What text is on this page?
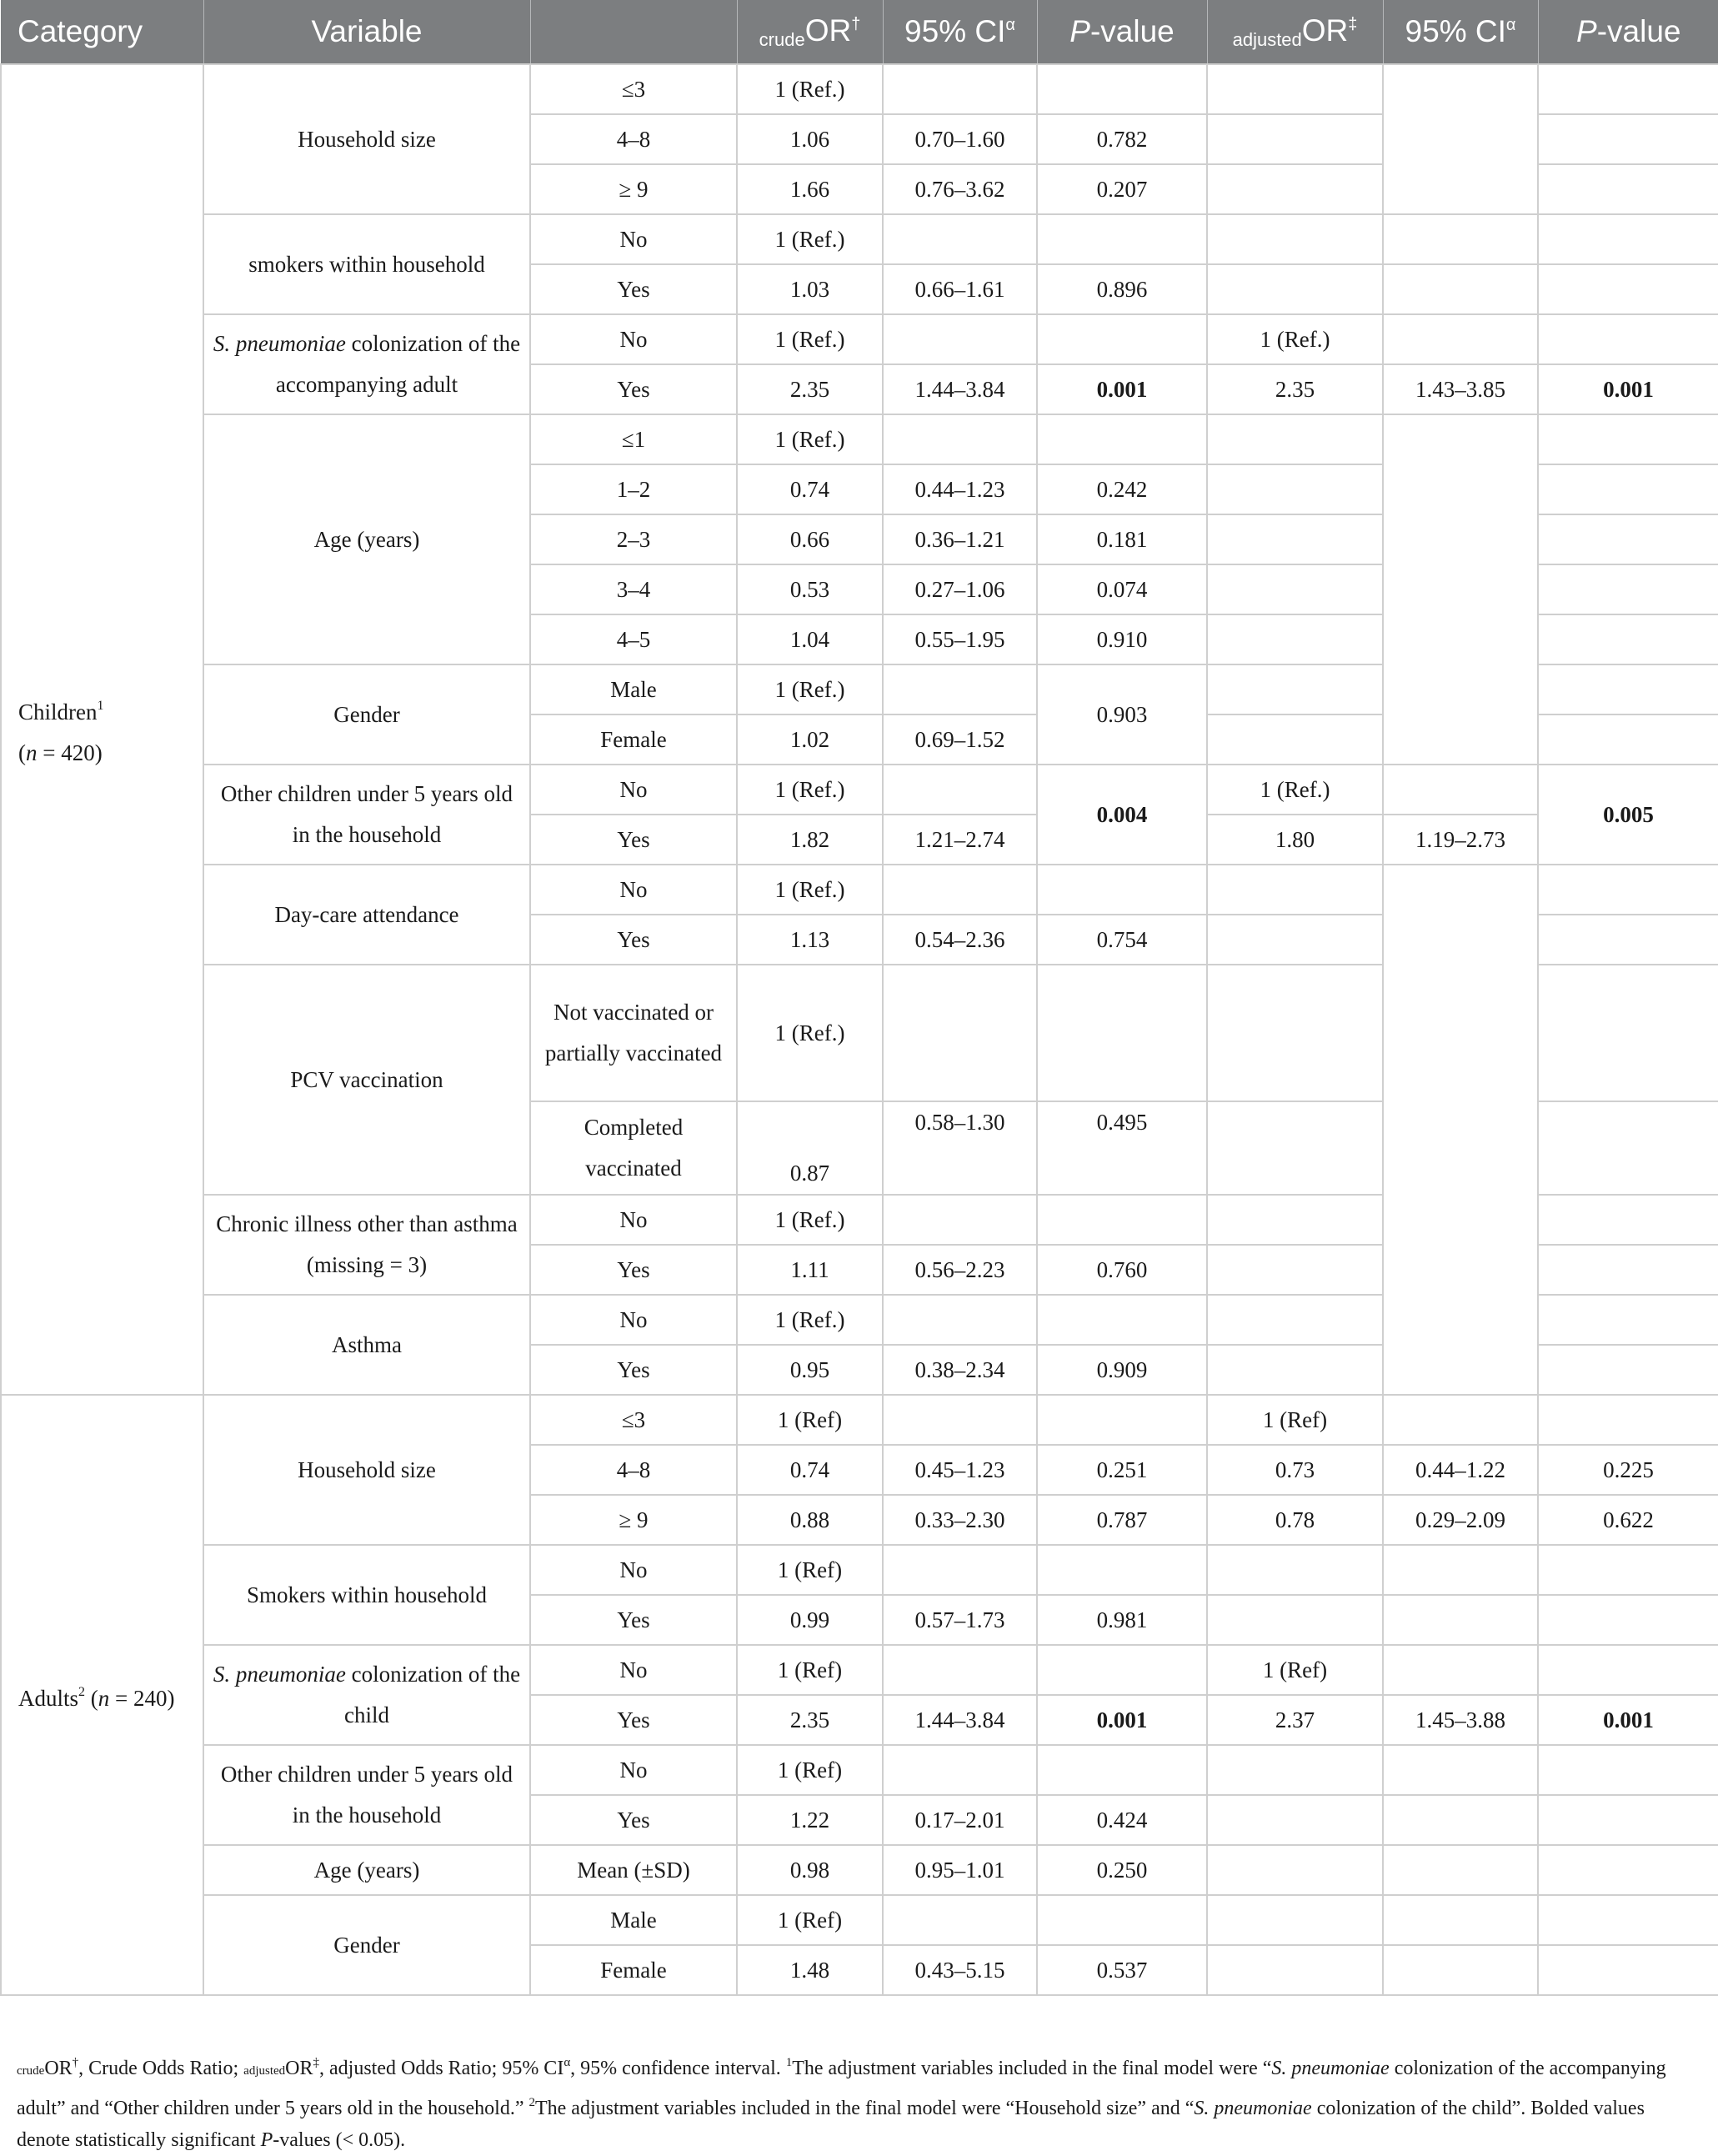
Category	Variable		$_{crude}$OR†	95% $CI^\alpha$	P-value	$_{adjusted}$OR‡	95% $CI^\alpha$	P-value
Children$^1$
(n = 420)	Household size	≤3	1 (Ref.)					
		4–8	1.06	0.70–1.60	0.782			
		≥ 9	1.66	0.76–3.62	0.207			
	smokers within household	No	1 (Ref.)					
		Yes	1.03	0.66–1.61	0.896			
	S. pneumoniae colonization of the accompanying adult	No	1 (Ref.)			1 (Ref.)		
		Yes	2.35	1.44–3.84	0.001	2.35	1.43–3.85	0.001
	Age (years)	≤1	1 (Ref.)					
		1–2	0.74	0.44–1.23	0.242			
		2–3	0.66	0.36–1.21	0.181			
		3–4	0.53	0.27–1.06	0.074			
		4–5	1.04	0.55–1.95	0.910			
	Gender	Male	1 (Ref.)		0.903			
		Female	1.02	0.69–1.52				
	Other children under 5 years old in the household	No	1 (Ref.)		0.004	1 (Ref.)		0.005
		Yes	1.82	1.21–2.74		1.80	1.19–2.73	
	Day-care attendance	No	1 (Ref.)					
		Yes	1.13	0.54–2.36	0.754			
	PCV vaccination	Not vaccinated or partially vaccinated	1 (Ref.)					
		Completed vaccinated	0.87	0.58–1.30	0.495			
	Chronic illness other than asthma (missing = 3)	No	1 (Ref.)					
		Yes	1.11	0.56–2.23	0.760			
	Asthma	No	1 (Ref.)					
		Yes	0.95	0.38–2.34	0.909			
Adults$^2$ (n = 240)	Household size	≤3	1 (Ref)			1 (Ref)		
		4–8	0.74	0.45–1.23	0.251	0.73	0.44–1.22	0.225
		≥ 9	0.88	0.33–2.30	0.787	0.78	0.29–2.09	0.622
	Smokers within household	No	1 (Ref)					
		Yes	0.99	0.57–1.73	0.981			
	S. pneumoniae colonization of the child	No	1 (Ref)			1 (Ref)		
		Yes	2.35	1.44–3.84	0.001	2.37	1.45–3.88	0.001
	Other children under 5 years old in the household	No	1 (Ref)					
		Yes	1.22	0.17–2.01	0.424			
	Age (years)	Mean (±SD)	0.98	0.95–1.01	0.250			
	Gender	Male	1 (Ref)					
		Female	1.48	0.43–5.15	0.537			
crudeOR†, Crude Odds Ratio; adjustedOR‡, adjusted Odds Ratio; 95% $CI^\alpha$, 95% confidence interval. $^1$The adjustment variables included in the final model were “S. pneumoniae colonization of the accompanying adult” and “Other children under 5 years old in the household.” $^2$The adjustment variables included in the final model were “Household size” and “S. pneumoniae colonization of the child”. Bolded values denote statistically significant P-values (< 0.05).
